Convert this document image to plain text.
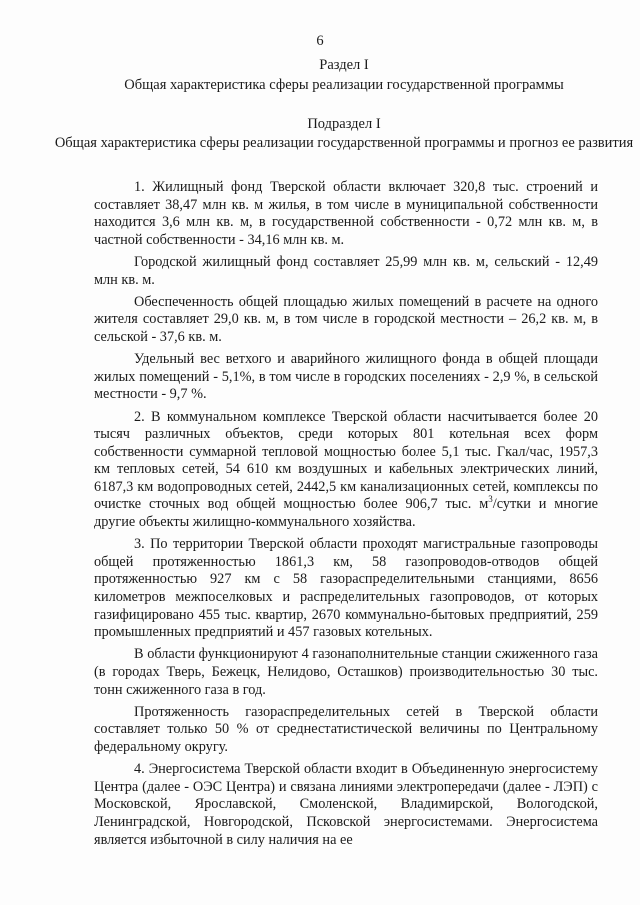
6
Раздел I
Общая характеристика сферы реализации государственной программы
Подраздел I
Общая характеристика сферы реализации государственной программы и прогноз ее развития

1. Жилищный фонд Тверской области включает 320,8 тыс. строений и составляет 38,47 млн кв. м жилья, в том числе в муниципальной собственности находится 3,6 млн кв. м, в государственной собственности - 0,72 млн кв. м, в частной собственности - 34,16 млн кв. м.

Городской жилищный фонд составляет 25,99 млн кв. м, сельский - 12,49 млн кв. м.

Обеспеченность общей площадью жилых помещений в расчете на одного жителя составляет 29,0 кв. м, в том числе в городской местности – 26,2 кв. м, в сельской - 37,6 кв. м.

Удельный вес ветхого и аварийного жилищного фонда в общей площади жилых помещений - 5,1%, в том числе в городских поселениях - 2,9 %, в сельской местности - 9,7 %.

2. В коммунальном комплексе Тверской области насчитывается более 20 тысяч различных объектов, среди которых 801 котельная всех форм собственности суммарной тепловой мощностью более 5,1 тыс. Гкал/час, 1957,3 км тепловых сетей, 54 610 км воздушных и кабельных электрических линий, 6187,3 км водопроводных сетей, 2442,5 км канализационных сетей, комплексы по очистке сточных вод общей мощностью более 906,7 тыс. $м^3$/сутки и многие другие объекты жилищно-коммунального хозяйства.

3. По территории Тверской области проходят магистральные газопроводы общей протяженностью 1861,3 км, 58 газопроводов-отводов общей протяженностью 927 км с 58 газораспределительными станциями, 8656 километров межпоселковых и распределительных газопроводов, от которых газифицировано 455 тыс. квартир, 2670 коммунально-бытовых предприятий, 259 промышленных предприятий и 457 газовых котельных.

В области функционируют 4 газонаполнительные станции сжиженного газа (в городах Тверь, Бежецк, Нелидово, Осташков) производительностью 30 тыс. тонн сжиженного газа в год.

Протяженность газораспределительных сетей в Тверской области составляет только 50 % от среднестатистической величины по Центральному федеральному округу.

4. Энергосистема Тверской области входит в Объединенную энергосистему Центра (далее - ОЭС Центра) и связана линиями электропередачи (далее - ЛЭП) с Московской, Ярославской, Смоленской, Владимирской, Вологодской, Ленинградской, Новгородской, Псковской энергосистемами. Энергосистема является избыточной в силу наличия на ее
